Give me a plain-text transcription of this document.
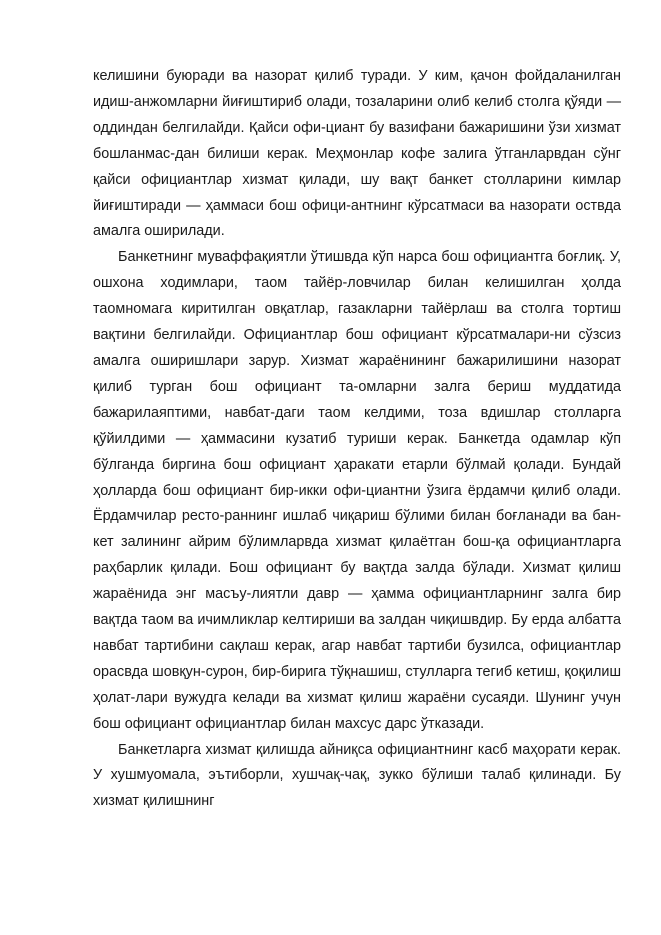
келишини буюради ва назорат қилиб туради. У ким, қачон фойдаланилган идиш-анжомларни йиғиштириб олади, тозаларини олиб келиб столга қўяди — оддиндан белгилайди. Қайси офи-циант бу вазифани бажаришини ўзи хизмат бошланмас-дан билиши керак. Меҳмонлар кофе залига ўтганларвдан сўнг қайси официантлар хизмат қилади, шу вақт банкет столларини кимлар йиғиштиради — ҳаммаси бош офици-антнинг кўрсатмаси ва назорати оствда амалга оширилади.

Банкетнинг муваффақиятли ўтишвда кўп нарса бош официантга боғлиқ. У, ошхона ходимлари, таом тайёр-ловчилар билан келишилган ҳолда таомномага киритилган овқатлар, газакларни тайёрлаш ва столга тортиш вақтини белгилайди. Официантлар бош официант кўрсатмалари-ни сўзсиз амалга оширишлари зарур. Хизмат жараёнининг бажарилишини назорат қилиб турган бош официант та-омларни залга бериш муддатида бажарилаяптими, навбат-даги таом келдими, тоза вдишлар столларга қўйилдими — ҳаммасини кузатиб туриши керак. Банкетда одамлар кўп бўлганда биргина бош официант ҳаракати етарли бўлмай қолади. Бундай ҳолларда бош официант бир-икки офи-циантни ўзига ёрдамчи қилиб олади. Ёрдамчилар ресто-раннинг ишлаб чиқариш бўлими билан боғланади ва бан-кет залининг айрим бўлимларвда хизмат қилаётган бош-қа официантларга раҳбарлик қилади. Бош официант бу вақтда залда бўлади. Хизмат қилиш жараёнида энг масъу-лиятли давр — ҳамма официантларнинг залга бир вақтда таом ва ичимликлар келтириши ва залдан чиқишвдир. Бу ерда албатта навбат тартибини сақлаш керак, агар навбат тартиби бузилса, официантлар орасвда шовқун-сурон, бир-бирига тўқнашиш, стулларга тегиб кетиш, қоқилиш ҳолат-лари вужудга келади ва хизмат қилиш жараёни сусаяди. Шунинг учун бош официант официантлар билан махсус дарс ўтказади.

Банкетларга хизмат қилишда айниқса официантнинг касб маҳорати керак. У хушмуомала, эътиборли, хушчақ-чақ, зукко бўлиши талаб қилинади. Бу хизмат қилишнинг
